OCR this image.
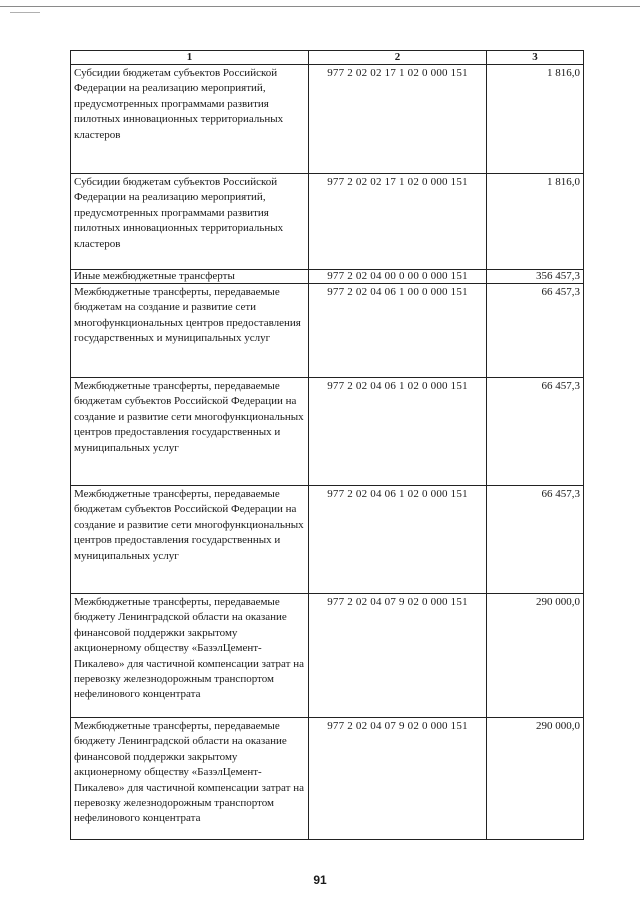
1	2	3
Субсидии бюджетам субъектов Российской Федерации на реализацию мероприятий, предусмотренных программами развития пилотных инновационных территориальных кластеров	977 2 02 02 17 1 02 0 000 151	1 816,0
Субсидии бюджетам субъектов Российской Федерации на реализацию мероприятий, предусмотренных программами развития пилотных инновационных территориальных кластеров	977 2 02 02 17 1 02 0 000 151	1 816,0
Иные межбюджетные трансферты	977 2 02 04 00 0 00 0 000 151	356 457,3
Межбюджетные трансферты, передаваемые бюджетам на создание и развитие сети многофункциональных центров предоставления государственных и муниципальных услуг	977 2 02 04 06 1 00 0 000 151	66 457,3
Межбюджетные трансферты, передаваемые бюджетам субъектов Российской Федерации на создание и развитие сети многофункциональных центров предоставления государственных и муниципальных услуг	977 2 02 04 06 1 02 0 000 151	66 457,3
Межбюджетные трансферты, передаваемые бюджетам субъектов Российской Федерации на создание и развитие сети многофункциональных центров предоставления государственных и муниципальных услуг	977 2 02 04 06 1 02 0 000 151	66 457,3
Межбюджетные трансферты, передаваемые бюджету Ленинградской области на оказание финансовой поддержки закрытому акционерному обществу «БазэлЦемент-Пикалево» для частичной компенсации затрат на перевозку железнодорожным транспортом нефелинового концентрата	977 2 02 04 07 9 02 0 000 151	290 000,0
Межбюджетные трансферты, передаваемые бюджету Ленинградской области на оказание финансовой поддержки закрытому акционерному обществу «БазэлЦемент-Пикалево» для частичной компенсации затрат на перевозку железнодорожным транспортом нефелинового концентрата	977 2 02 04 07 9 02 0 000 151	290 000,0
91
